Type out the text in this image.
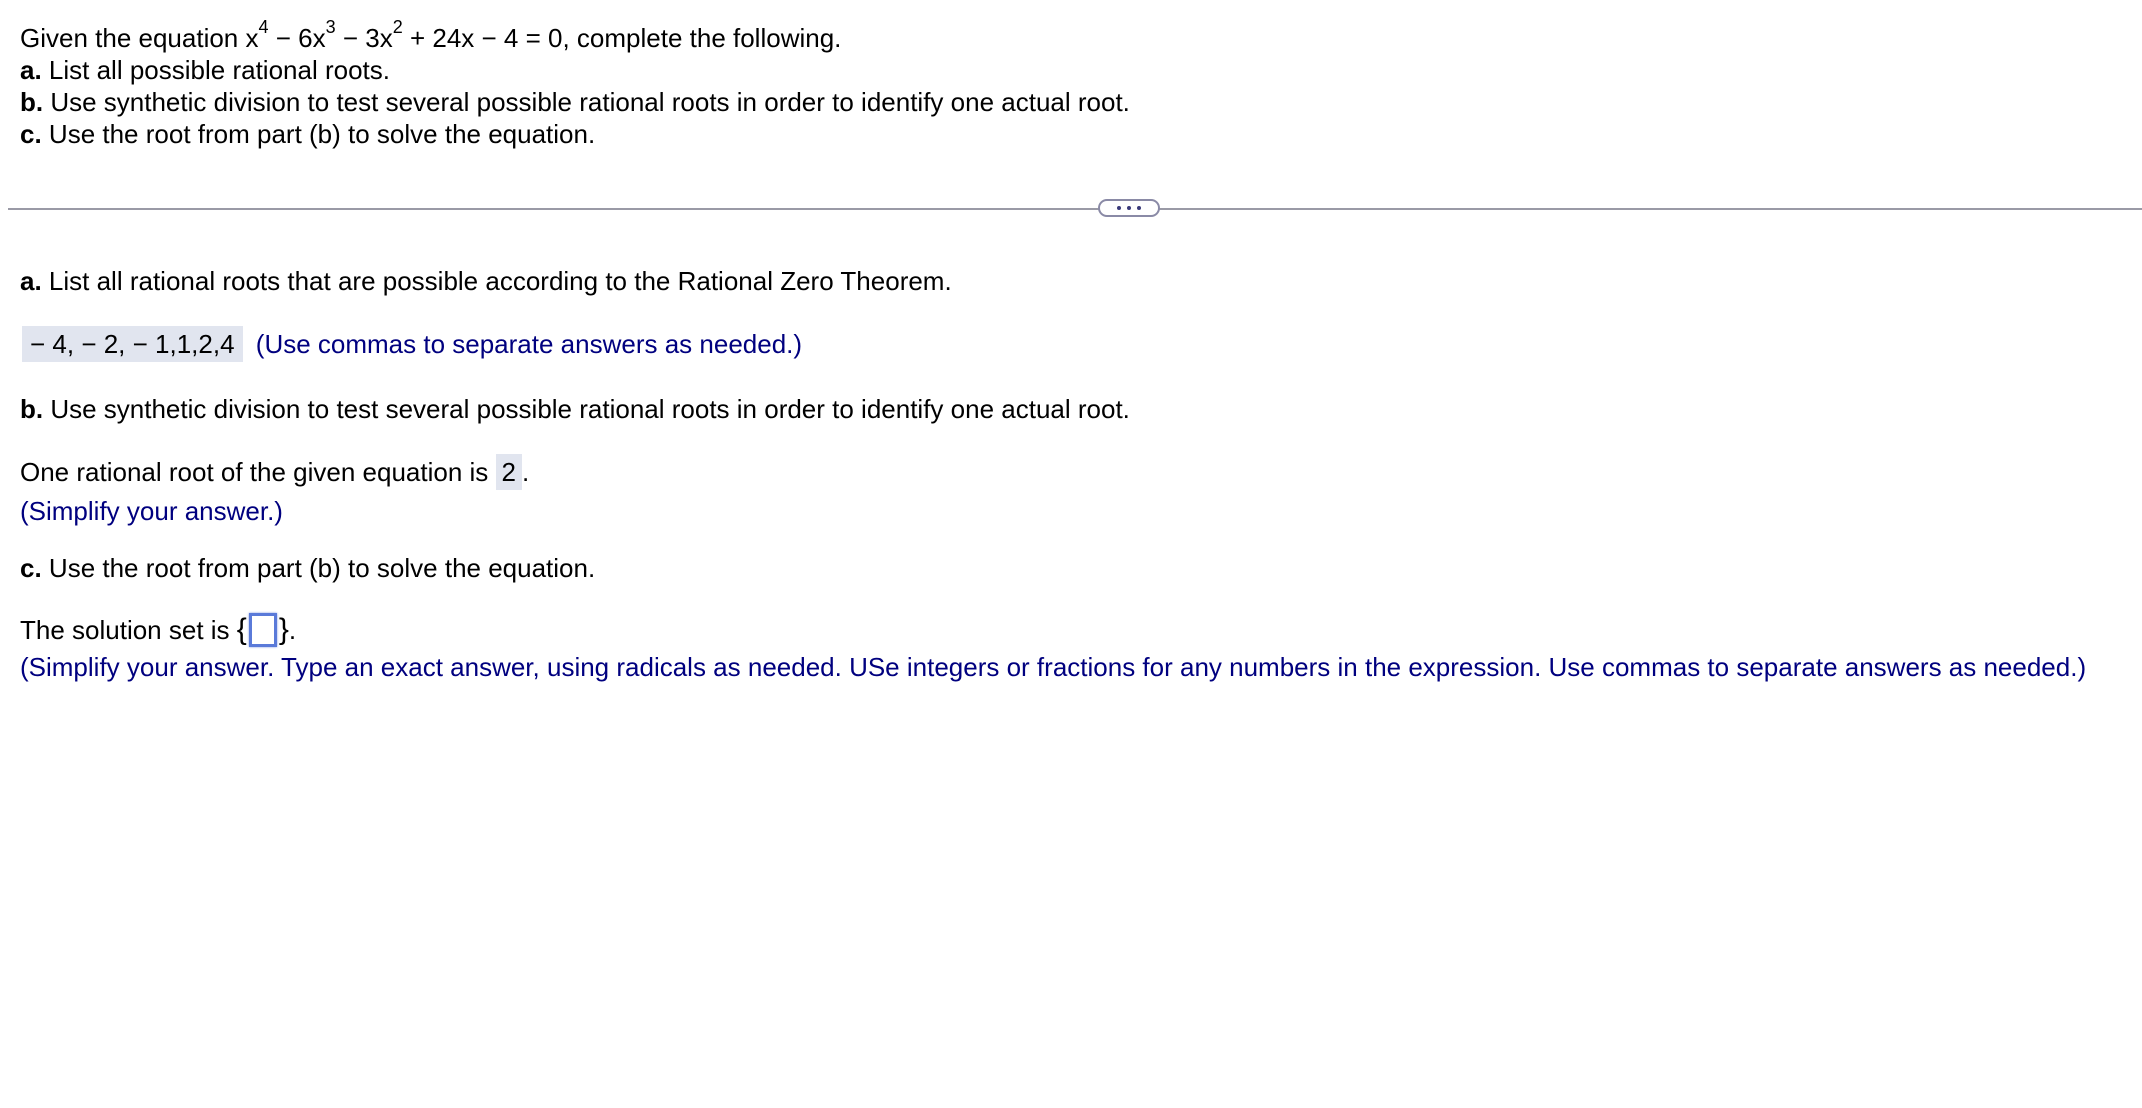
Given the equation $x^4 - 6x^3 - 3x^2 + 24x - 4 = 0$, complete the following.
a. List all possible rational roots.
b. Use synthetic division to test several possible rational roots in order to identify one actual root.
c. Use the root from part (b) to solve the equation.
a. List all rational roots that are possible according to the Rational Zero Theorem.
− 4, − 2, − 1,1,2,4 (Use commas to separate answers as needed.)
b. Use synthetic division to test several possible rational roots in order to identify one actual root.
One rational root of the given equation is 2 .
(Simplify your answer.)
c. Use the root from part (b) to solve the equation.
The solution set is { }.
(Simplify your answer. Type an exact answer, using radicals as needed. USe integers or fractions for any numbers in the expression. Use commas to separate answers as needed.)
